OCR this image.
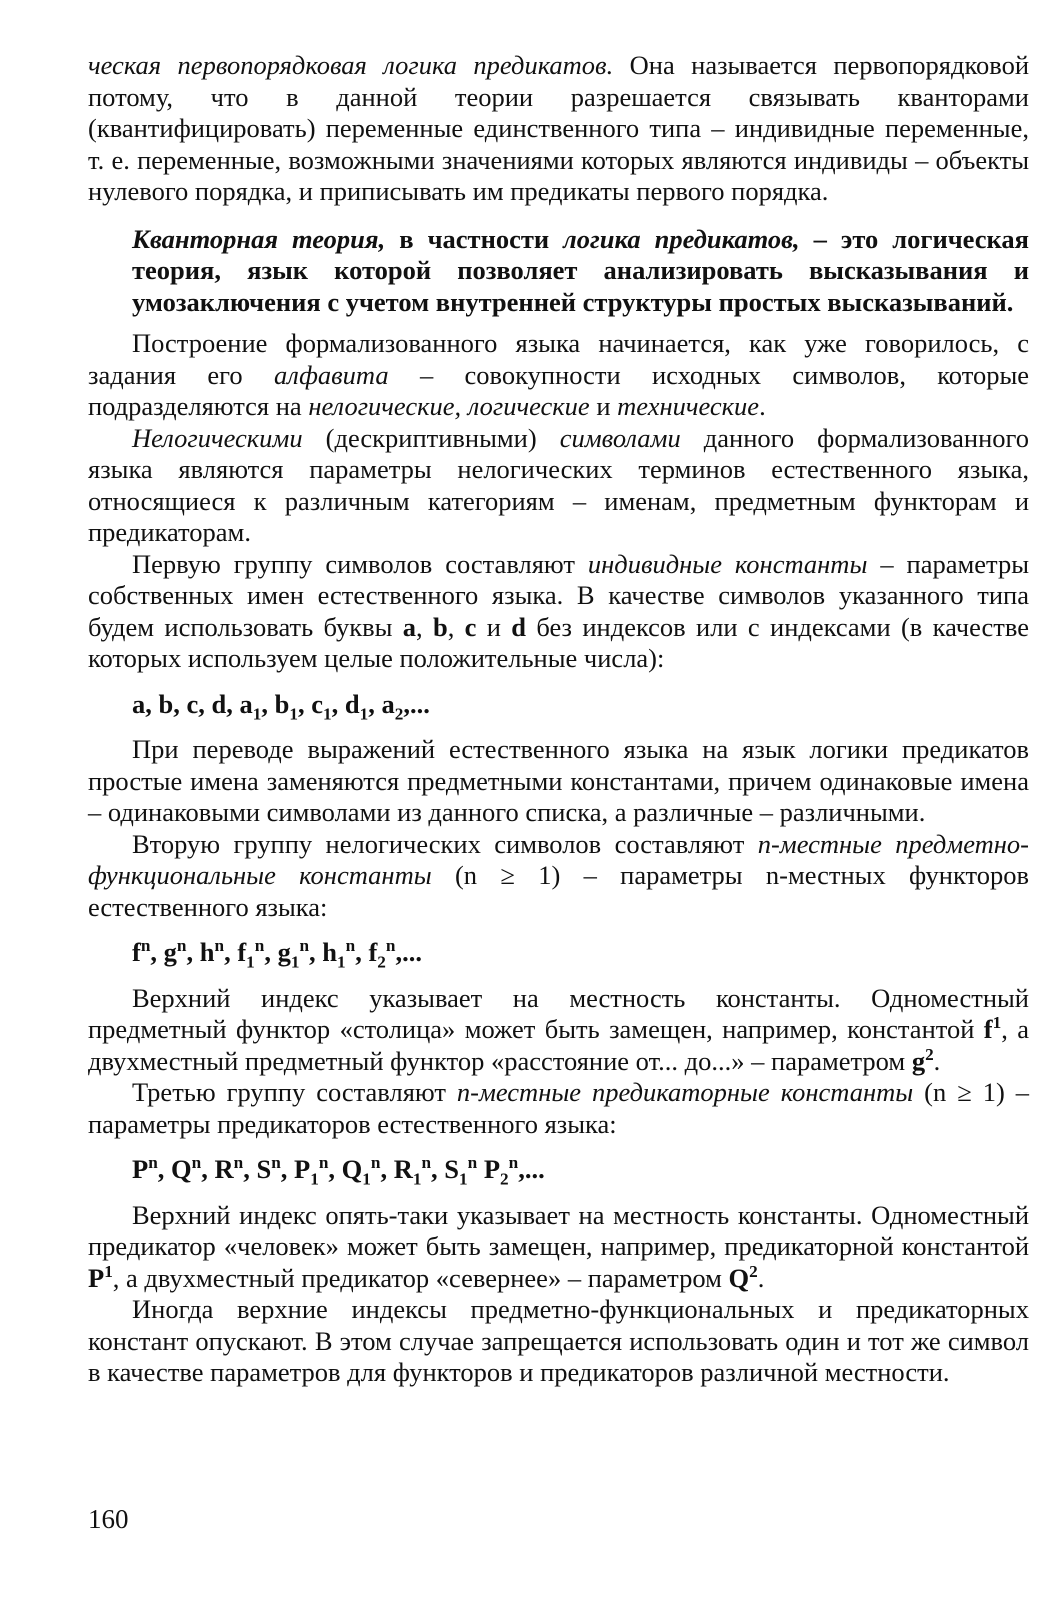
ческая первопорядковая логика предикатов. Она называется первопорядковой потому, что в данной теории разрешается связывать кванторами (квантифицировать) переменные единственного типа – индивидные переменные, т. е. переменные, возможными значениями которых являются индивиды – объекты нулевого порядка, и приписывать им предикаты первого порядка.

Кванторная теория, в частности логика предикатов, – это логическая теория, язык которой позволяет анализировать высказывания и умозаключения с учетом внутренней структуры простых высказываний.

Построение формализованного языка начинается, как уже говорилось, с задания его алфавита – совокупности исходных символов, которые подразделяются на нелогические, логические и технические.

Нелогическими (дескриптивными) символами данного формализованного языка являются параметры нелогических терминов естественного языка, относящиеся к различным категориям – именам, предметным функторам и предикаторам.

Первую группу символов составляют индивидные константы – параметры собственных имен естественного языка. В качестве символов указанного типа будем использовать буквы a, b, c и d без индексов или с индексами (в качестве которых используем целые положительные числа):

a, b, c, d, $a_1$, $b_1$, $c_1$, $d_1$, $a_2$,...

При переводе выражений естественного языка на язык логики предикатов простые имена заменяются предметными константами, причем одинаковые имена – одинаковыми символами из данного списка, а различные – различными.

Вторую группу нелогических символов составляют n-местные предметно-функциональные константы (n ≥ 1) – параметры n-местных функторов естественного языка:

$f^n$, $g^n$, $h^n$, $f_1^n$, $g_1^n$, $h_1^n$, $f_2^n$,...

Верхний индекс указывает на местность константы. Одноместный предметный функтор «столица» может быть замещен, например, константой $f^1$, а двухместный предметный функтор «расстояние от... до...» – параметром $g^2$.

Третью группу составляют n-местные предикаторные константы (n ≥ 1) – параметры предикаторов естественного языка:

$P^n$, $Q^n$, $R^n$, $S^n$, $P_1^n$, $Q_1^n$, $R_1^n$, $S_1^n$ $P_2^n$,...

Верхний индекс опять-таки указывает на местность константы. Одноместный предикатор «человек» может быть замещен, например, предикаторной константой $P^1$, а двухместный предикатор «севернее» – параметром $Q^2$.

Иногда верхние индексы предметно-функциональных и предикаторных констант опускают. В этом случае запрещается использовать один и тот же символ в качестве параметров для функторов и предикаторов различной местности.

160
